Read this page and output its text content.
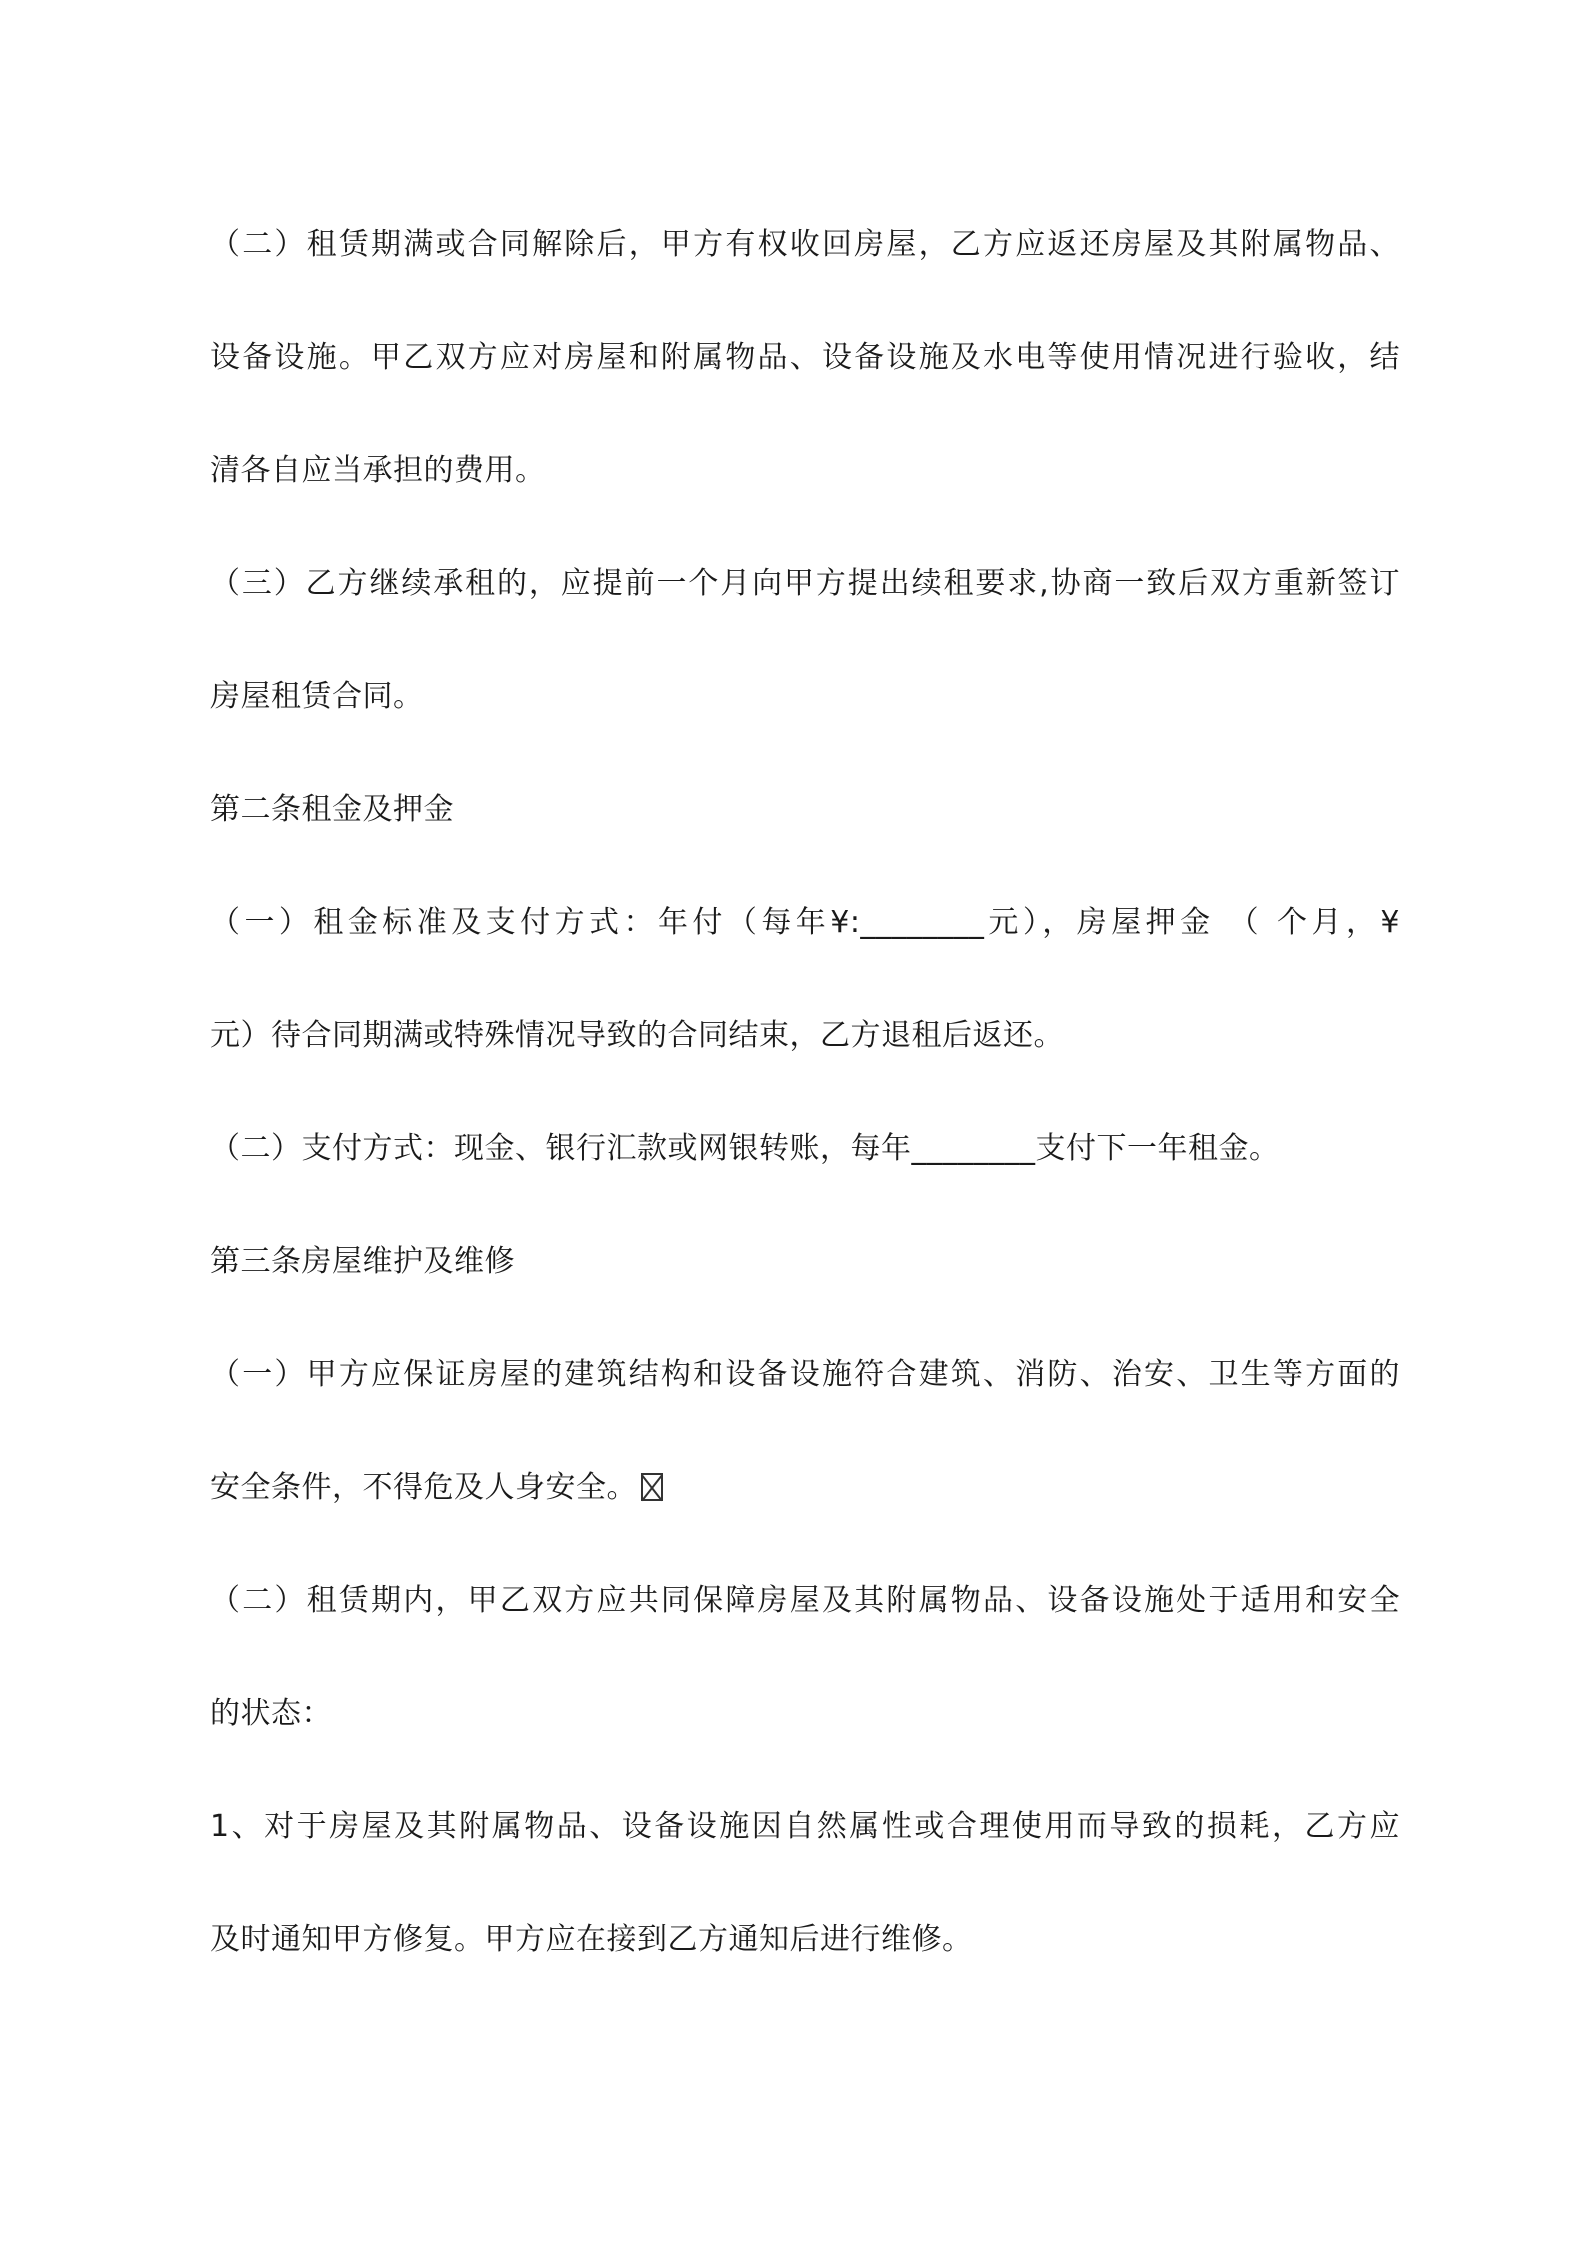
（二）租赁期满或合同解除后，甲方有权收回房屋，乙方应返还房屋及其附属物品、
设备设施。甲乙双方应对房屋和附属物品、设备设施及水电等使用情况进行验收，结
清各自应当承担的费用。
（三）乙方继续承租的，应提前一个月向甲方提出续租要求,协商一致后双方重新签订
房屋租赁合同。
第二条租金及押金
（一）租金标准及支付方式：年付（每年¥:________元），房屋押金 （ 个月，¥
元）待合同期满或特殊情况导致的合同结束，乙方退租后返还。
（二）支付方式：现金、银行汇款或网银转账，每年________支付下一年租金。
第三条房屋维护及维修
（一）甲方应保证房屋的建筑结构和设备设施符合建筑、消防、治安、卫生等方面的
安全条件，不得危及人身安全。
（二）租赁期内，甲乙双方应共同保障房屋及其附属物品、设备设施处于适用和安全
的状态：
1、对于房屋及其附属物品、设备设施因自然属性或合理使用而导致的损耗，乙方应
及时通知甲方修复。甲方应在接到乙方通知后进行维修。
